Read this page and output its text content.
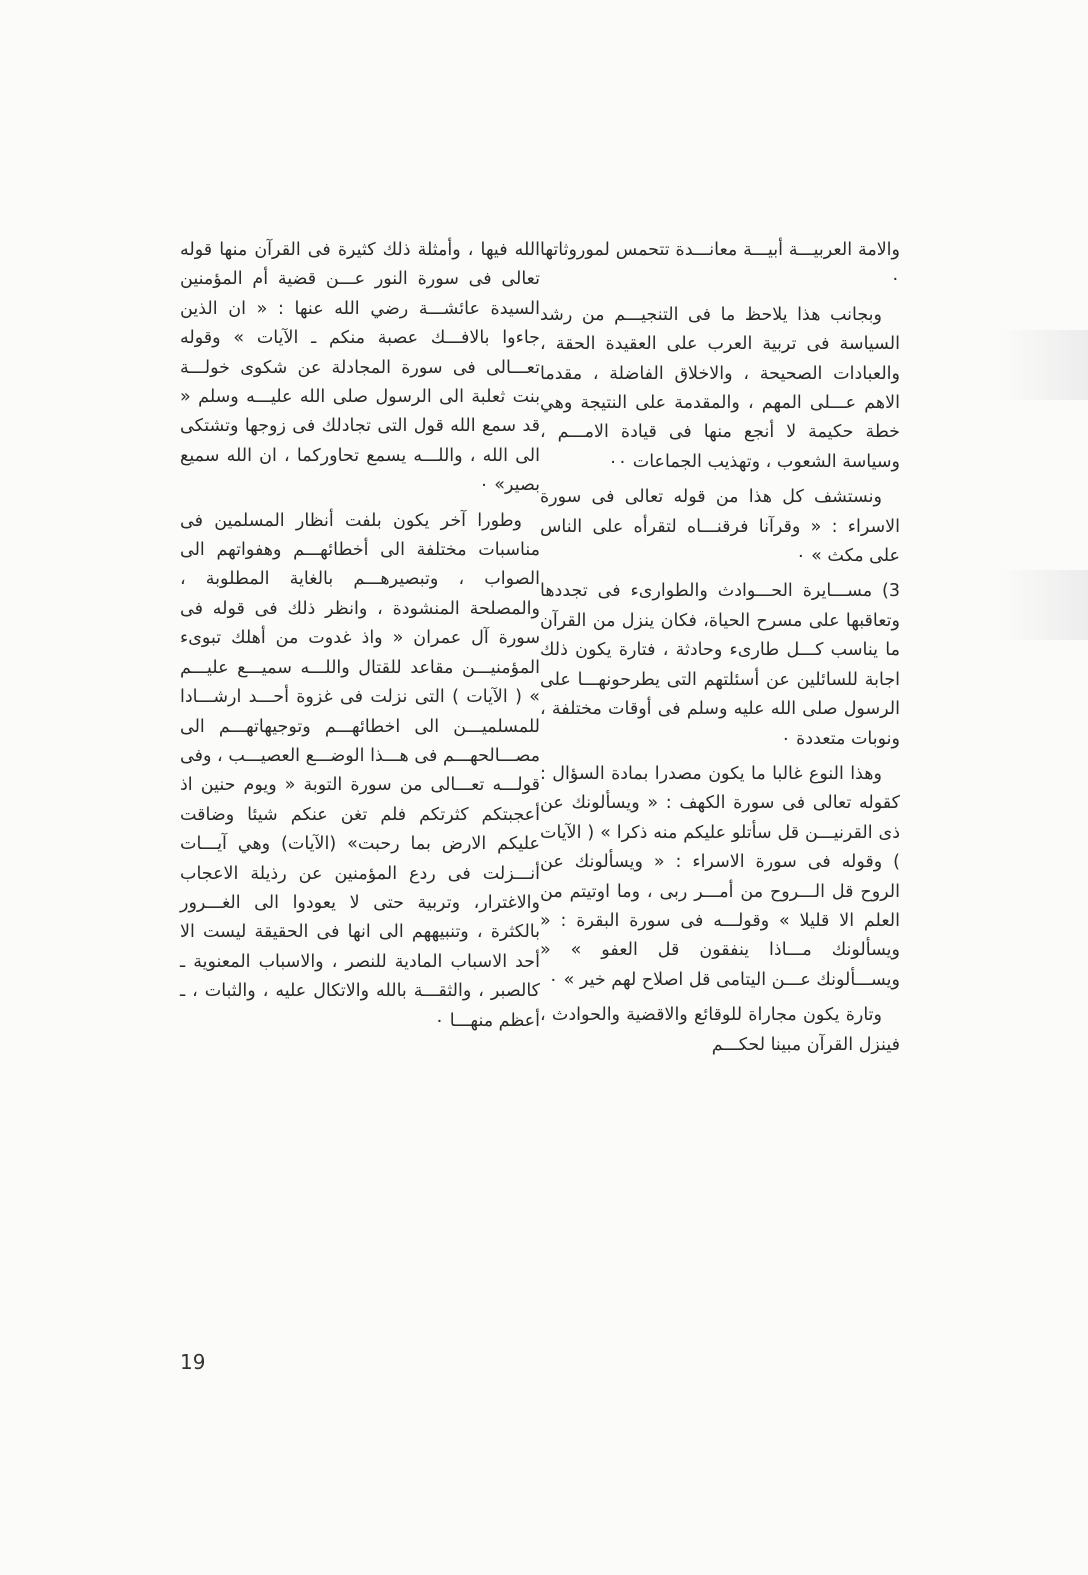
والامة العربيـــة أبيـــة معانـــدة تتحمس لموروثاتها ٠

وبجانب هذا يلاحظ ما فى التنجيـــم من رشد السياسة فى تربية العرب على العقيدة الحقة ، والعبادات الصحيحة ، والاخلاق الفاضلة ، مقدما الاهم عـــلى المهم ، والمقدمة على النتيجة وهي خطة حكيمة لا أنجع منها فى قيادة الامـــم ، وسياسة الشعوب ، وتهذيب الجماعات ٠٠

ونستشف كل هذا من قوله تعالى فى سورة الاسراء : « وقرآنا فرقنـــاه لتقرأه على الناس على مكث » ٠

3) مســـايرة الحـــوادث والطوارىء فى تجددها وتعاقبها على مسرح الحياة، فكان ينزل من القرآن ما يناسب كـــل طارىء وحادثة ، فتارة يكون ذلك اجابة للسائلين عن أسئلتهم التى يطرحونهـــا على الرسول صلى الله عليه وسلم فى أوقات مختلفة ، ونوبات متعددة ٠

وهذا النوع غالبا ما يكون مصدرا بمادة السؤال : كقوله تعالى فى سورة الكهف : « ويسألونك عن ذى القرنيـــن قل سأتلو عليكم منه ذكرا » ( الآيات ) وقوله فى سورة الاسراء : « ويسألونك عن الروح قل الـــروح من أمـــر ربى ، وما اوتيتم من العلم الا قليلا » وقولـــه فى سورة البقرة : « ويسألونك مـــاذا ينفقون قل العفو » « ويســـألونك عـــن اليتامى قل اصلاح لهم خير » ٠

وتارة يكون مجاراة للوقائع والاقضية والحوادث ، فينزل القرآن مبينا لحكـــم

الله فيها ، وأمثلة ذلك كثيرة فى القرآن منها قوله تعالى فى سورة النور عـــن قضية أم المؤمنين السيدة عائشـــة رضي الله عنها : « ان الذين جاءوا بالافـــك عصبة منكم ـ الآيات » وقوله تعـــالى فى سورة المجادلة عن شكوى خولـــة بنت ثعلبة الى الرسول صلى الله عليـــه وسلم « قد سمع الله قول التى تجادلك فى زوجها وتشتكى الى الله ، واللـــه يسمع تحاوركما ، ان الله سميع بصير» ٠

وطورا آخر يكون بلفت أنظار المسلمين فى مناسبات مختلفة الى أخطائهـــم وهفواتهم الى الصواب ، وتبصيرهـــم بالغاية المطلوبة ، والمصلحة المنشودة ، وانظر ذلك فى قوله فى سورة آل عمران « واذ غدوت من أهلك تبوىء المؤمنيـــن مقاعد للقتال واللـــه سميـــع عليـــم » ( الآيات ) التى نزلت فى غزوة أحـــد ارشـــادا للمسلميـــن الى اخطائهـــم وتوجيهاتهـــم الى مصـــالحهـــم فى هـــذا الوضـــع العصيـــب ، وفى قولـــه تعـــالى من سورة التوبة « ويوم حنين اذ أعجبتكم كثرتكم فلم تغن عنكم شيئا وضاقت عليكم الارض بما رحبت» (الآيات) وهي آيـــات أنـــزلت فى ردع المؤمنين عن رذيلة الاعجاب والاغترار، وتربية حتى لا يعودوا الى الغـــرور بالكثرة ، وتنبيههم الى انها فى الحقيقة ليست الا أحد الاسباب المادية للنصر ، والاسباب المعنوية ـ كالصبر ، والثقـــة بالله والاتكال عليه ، والثبات ، ـ أعظم منهـــا ٠

19
